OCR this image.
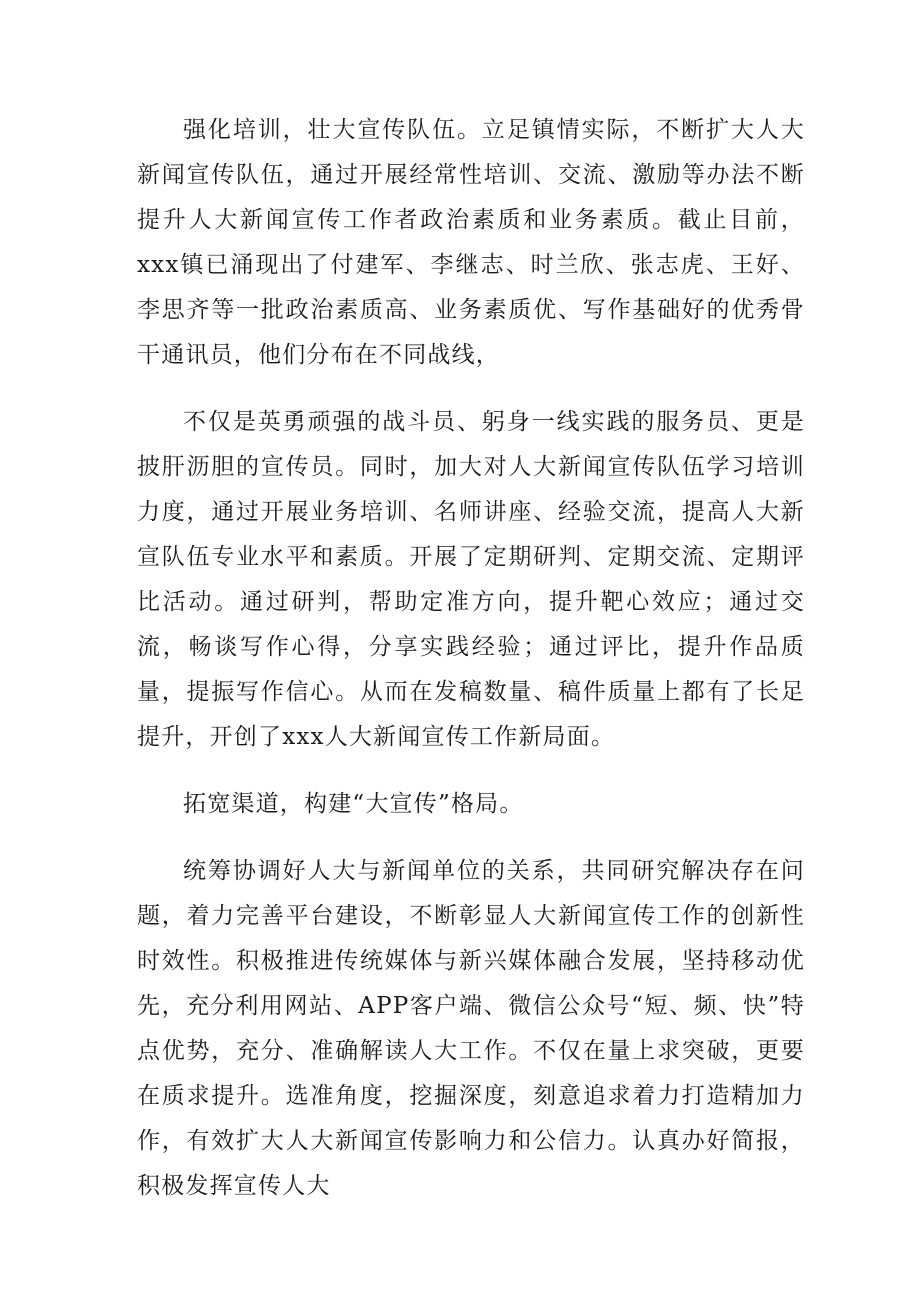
强化培训，壮大宣传队伍。立足镇情实际，不断扩大人大新闻宣传队伍，通过开展经常性培训、交流、激励等办法不断提升人大新闻宣传工作者政治素质和业务素质。截止目前，xxx镇已涌现出了付建军、李继志、时兰欣、张志虎、王好、李思齐等一批政治素质高、业务素质优、写作基础好的优秀骨干通讯员，他们分布在不同战线，

不仅是英勇顽强的战斗员、躬身一线实践的服务员、更是披肝沥胆的宣传员。同时，加大对人大新闻宣传队伍学习培训力度，通过开展业务培训、名师讲座、经验交流，提高人大新宣队伍专业水平和素质。开展了定期研判、定期交流、定期评比活动。通过研判，帮助定准方向，提升靶心效应；通过交流，畅谈写作心得，分享实践经验；通过评比，提升作品质量，提振写作信心。从而在发稿数量、稿件质量上都有了长足提升，开创了xxx人大新闻宣传工作新局面。

拓宽渠道，构建“大宣传”格局。

统筹协调好人大与新闻单位的关系，共同研究解决存在问题，着力完善平台建设，不断彰显人大新闻宣传工作的创新性时效性。积极推进传统媒体与新兴媒体融合发展，坚持移动优先，充分利用网站、APP客户端、微信公众号“短、频、快”特点优势，充分、准确解读人大工作。不仅在量上求突破，更要在质求提升。选准角度，挖掘深度，刻意追求着力打造精加力作，有效扩大人大新闻宣传影响力和公信力。认真办好简报，积极发挥宣传人大
